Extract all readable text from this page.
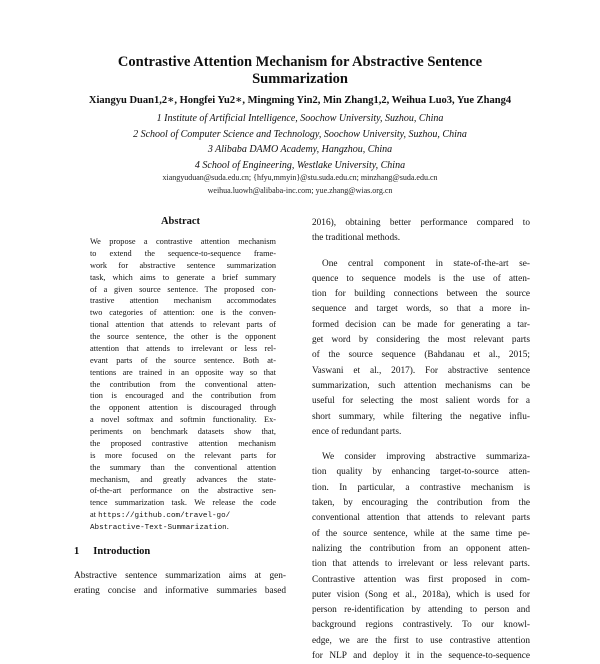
Contrastive Attention Mechanism for Abstractive Sentence
Summarization
Xiangyu Duan1,2∗, Hongfei Yu2∗, Mingming Yin2, Min Zhang1,2, Weihua Luo3, Yue Zhang4
1 Institute of Artificial Intelligence, Soochow University, Suzhou, China
2 School of Computer Science and Technology, Soochow University, Suzhou, China
3 Alibaba DAMO Academy, Hangzhou, China
4 School of Engineering, Westlake University, China
xiangyuduan@suda.edu.cn; {hfyu,mmyin}@stu.suda.edu.cn; minzhang@suda.edu.cn
weihua.luowh@alibaba-inc.com; yue.zhang@wias.org.cn
Abstract
We propose a contrastive attention mechanism
to extend the sequence-to-sequence frame-
work for abstractive sentence summarization
task, which aims to generate a brief summary
of a given source sentence. The proposed con-
trastive attention mechanism accommodates
two categories of attention: one is the conven-
tional attention that attends to relevant parts of
the source sentence, the other is the opponent
attention that attends to irrelevant or less rel-
evant parts of the source sentence. Both at-
tentions are trained in an opposite way so that
the contribution from the conventional atten-
tion is encouraged and the contribution from
the opponent attention is discouraged through
a novel softmax and softmin functionality. Ex-
periments on benchmark datasets show that,
the proposed contrastive attention mechanism
is more focused on the relevant parts for
the summary than the conventional attention
mechanism, and greatly advances the state-
of-the-art performance on the abstractive sen-
tence summarization task. We release the code
at https://github.com/travel-go/
Abstractive-Text-Summarization.
1 Introduction
Abstractive sentence summarization aims at gen-
erating concise and informative summaries based
2016), obtaining better performance compared to
the traditional methods.
One central component in state-of-the-art se-
quence to sequence models is the use of atten-
tion for building connections between the source
sequence and target words, so that a more in-
formed decision can be made for generating a tar-
get word by considering the most relevant parts
of the source sequence (Bahdanau et al., 2015;
Vaswani et al., 2017). For abstractive sentence
summarization, such attention mechanisms can be
useful for selecting the most salient words for a
short summary, while filtering the negative influ-
ence of redundant parts.
We consider improving abstractive summariza-
tion quality by enhancing target-to-source atten-
tion. In particular, a contrastive mechanism is
taken, by encouraging the contribution from the
conventional attention that attends to relevant parts
of the source sentence, while at the same time pe-
nalizing the contribution from an opponent atten-
tion that attends to irrelevant or less relevant parts.
Contrastive attention was first proposed in com-
puter vision (Song et al., 2018a), which is used for
person re-identification by attending to person and
background regions contrastively. To our knowl-
edge, we are the first to use contrastive attention
for NLP and deploy it in the sequence-to-sequence
